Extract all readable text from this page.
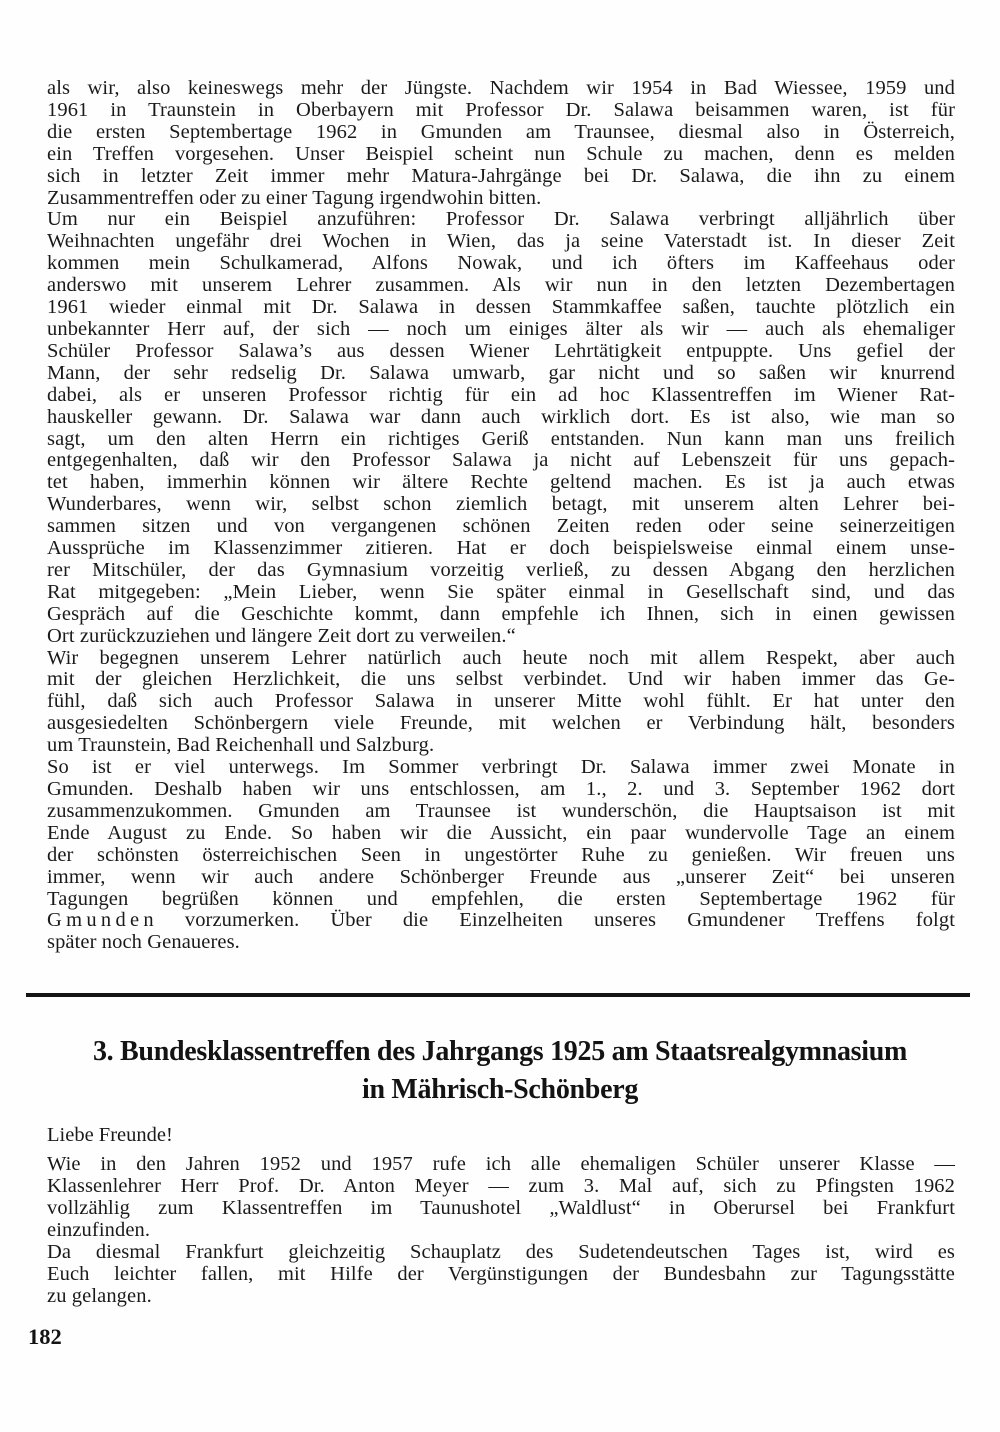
als wir, also keineswegs mehr der Jüngste. Nachdem wir 1954 in Bad Wiessee, 1959 und
1961 in Traunstein in Oberbayern mit Professor Dr. Salawa beisammen waren, ist für
die ersten Septembertage 1962 in Gmunden am Traunsee, diesmal also in Österreich,
ein Treffen vorgesehen. Unser Beispiel scheint nun Schule zu machen, denn es melden
sich in letzter Zeit immer mehr Matura-Jahrgänge bei Dr. Salawa, die ihn zu einem
Zusammentreffen oder zu einer Tagung irgendwohin bitten.
Um nur ein Beispiel anzuführen: Professor Dr. Salawa verbringt alljährlich über
Weihnachten ungefähr drei Wochen in Wien, das ja seine Vaterstadt ist. In dieser Zeit
kommen mein Schulkamerad, Alfons Nowak, und ich öfters im Kaffeehaus oder
anderswo mit unserem Lehrer zusammen. Als wir nun in den letzten Dezembertagen
1961 wieder einmal mit Dr. Salawa in dessen Stammkaffee saßen, tauchte plötzlich ein
unbekannter Herr auf, der sich — noch um einiges älter als wir — auch als ehemaliger
Schüler Professor Salawa’s aus dessen Wiener Lehrtätigkeit entpuppte. Uns gefiel der
Mann, der sehr redselig Dr. Salawa umwarb, gar nicht und so saßen wir knurrend
dabei, als er unseren Professor richtig für ein ad hoc Klassentreffen im Wiener Rat-
hauskeller gewann. Dr. Salawa war dann auch wirklich dort. Es ist also, wie man so
sagt, um den alten Herrn ein richtiges Geriß entstanden. Nun kann man uns freilich
entgegenhalten, daß wir den Professor Salawa ja nicht auf Lebenszeit für uns gepach-
tet haben, immerhin können wir ältere Rechte geltend machen. Es ist ja auch etwas
Wunderbares, wenn wir, selbst schon ziemlich betagt, mit unserem alten Lehrer bei-
sammen sitzen und von vergangenen schönen Zeiten reden oder seine seinerzeitigen
Aussprüche im Klassenzimmer zitieren. Hat er doch beispielsweise einmal einem unse-
rer Mitschüler, der das Gymnasium vorzeitig verließ, zu dessen Abgang den herzlichen
Rat mitgegeben: „Mein Lieber, wenn Sie später einmal in Gesellschaft sind, und das
Gespräch auf die Geschichte kommt, dann empfehle ich Ihnen, sich in einen gewissen
Ort zurückzuziehen und längere Zeit dort zu verweilen.“
Wir begegnen unserem Lehrer natürlich auch heute noch mit allem Respekt, aber auch
mit der gleichen Herzlichkeit, die uns selbst verbindet. Und wir haben immer das Ge-
fühl, daß sich auch Professor Salawa in unserer Mitte wohl fühlt. Er hat unter den
ausgesiedelten Schönbergern viele Freunde, mit welchen er Verbindung hält, besonders
um Traunstein, Bad Reichenhall und Salzburg.
So ist er viel unterwegs. Im Sommer verbringt Dr. Salawa immer zwei Monate in
Gmunden. Deshalb haben wir uns entschlossen, am 1., 2. und 3. September 1962 dort
zusammenzukommen. Gmunden am Traunsee ist wunderschön, die Hauptsaison ist mit
Ende August zu Ende. So haben wir die Aussicht, ein paar wundervolle Tage an einem
der schönsten österreichischen Seen in ungestörter Ruhe zu genießen. Wir freuen uns
immer, wenn wir auch andere Schönberger Freunde aus „unserer Zeit“ bei unseren
Tagungen begrüßen können und empfehlen, die ersten Septembertage 1962 für
G m u n d e n vorzumerken. Über die Einzelheiten unseres Gmundener Treffens folgt
später noch Genaueres.
3. Bundesklassentreffen des Jahrgangs 1925 am Staatsrealgymnasium
in Mährisch-Schönberg
Liebe Freunde!
Wie in den Jahren 1952 und 1957 rufe ich alle ehemaligen Schüler unserer Klasse —
Klassenlehrer Herr Prof. Dr. Anton Meyer — zum 3. Mal auf, sich zu Pfingsten 1962
vollzählig zum Klassentreffen im Taunushotel „Waldlust“ in Oberursel bei Frankfurt
einzufinden.
Da diesmal Frankfurt gleichzeitig Schauplatz des Sudetendeutschen Tages ist, wird es
Euch leichter fallen, mit Hilfe der Vergünstigungen der Bundesbahn zur Tagungsstätte
zu gelangen.
182
